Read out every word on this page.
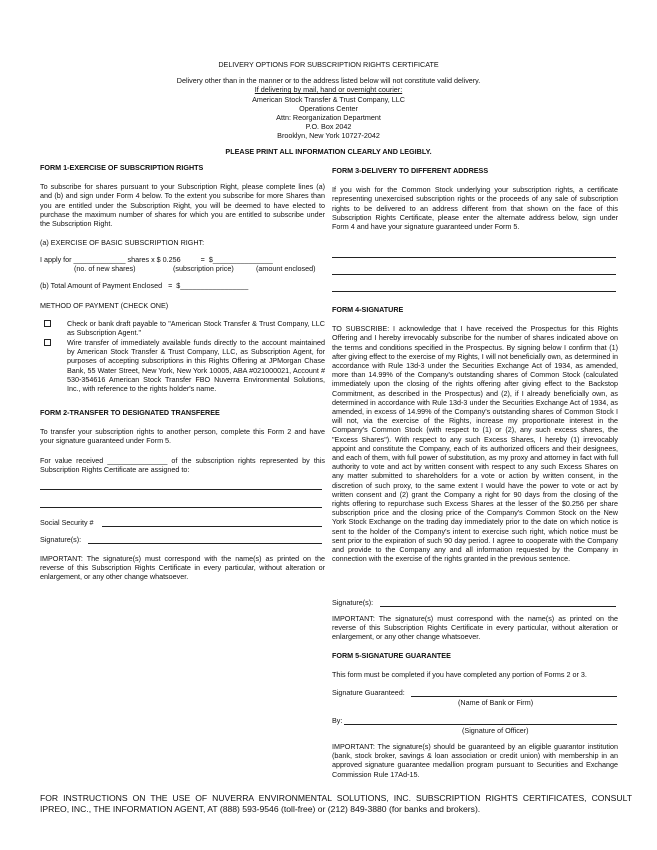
DELIVERY OPTIONS FOR SUBSCRIPTION RIGHTS CERTIFICATE
Delivery other than in the manner or to the address listed below will not constitute valid delivery.
If delivering by mail, hand or overnight courier:
American Stock Transfer & Trust Company, LLC
Operations Center
Attn: Reorganization Department
P.O. Box 2042
Brooklyn, New York 10727-2042
PLEASE PRINT ALL INFORMATION CLEARLY AND LEGIBLY.
FORM 1-EXERCISE OF SUBSCRIPTION RIGHTS

To subscribe for shares pursuant to your Subscription Right, please complete lines (a) and (b) and sign under Form 4 below. To the extent you subscribe for more Shares than you are entitled under the Subscription Right, you will be deemed to have elected to purchase the maximum number of shares for which you are entitled to subscribe under the Subscription Right.

(a) EXERCISE OF BASIC SUBSCRIPTION RIGHT:
I apply for _____________ shares x $ 0.256          =  $_______________
(no. of new shares)	(subscription price)	(amount enclosed)
(b) Total Amount of Payment Enclosed   =  $_________________
METHOD OF PAYMENT (CHECK ONE)
Check or bank draft payable to "American Stock Transfer & Trust Company, LLC as Subscription Agent."
Wire transfer of immediately available funds directly to the account maintained by American Stock Transfer & Trust Company, LLC, as Subscription Agent, for purposes of accepting subscriptions in this Rights Offering at JPMorgan Chase Bank, 55 Water Street, New York, New York 10005, ABA #021000021, Account # 530-354616 American Stock Transfer FBO Nuverra Environmental Solutions, Inc., with reference to the rights holder's name.
FORM 2-TRANSFER TO DESIGNATED TRANSFEREE

To transfer your subscription rights to another person, complete this Form 2 and have your signature guaranteed under Form 5.

For value received _______________ of the subscription rights represented by this Subscription Rights Certificate are assigned to:

Social Security #
Signature(s):
IMPORTANT: The signature(s) must correspond with the name(s) as printed on the reverse of this Subscription Rights Certificate in every particular, without alteration or enlargement, or any other change whatsoever.
FORM 3-DELIVERY TO DIFFERENT ADDRESS

If you wish for the Common Stock underlying your subscription rights, a certificate representing unexercised subscription rights or the proceeds of any sale of subscription rights to be delivered to an address different from that shown on the face of this Subscription Rights Certificate, please enter the alternate address below, sign under Form 4 and have your signature guaranteed under Form 5.

FORM 4-SIGNATURE

TO SUBSCRIBE: I acknowledge that I have received the Prospectus for this Rights Offering and I hereby irrevocably subscribe for the number of shares indicated above on the terms and conditions specified in the Prospectus. By signing below I confirm that (1) after giving effect to the exercise of my Rights, I will not beneficially own, as determined in accordance with Rule 13d-3 under the Securities Exchange Act of 1934, as amended, more than 14.99% of the Company's outstanding shares of Common Stock (calculated immediately upon the closing of the rights offering after giving effect to the Backstop Commitment, as described in the Prospectus) and (2), if I already beneficially own, as determined in accordance with Rule 13d-3 under the Securities Exchange Act of 1934, as amended, in excess of 14.99% of the Company's outstanding shares of Common Stock I will not, via the exercise of the Rights, increase my proportionate interest in the Company's Common Stock (with respect to (1) or (2), any such excess shares, the "Excess Shares"). With respect to any such Excess Shares, I hereby (1) irrevocably appoint and constitute the Company, each of its authorized officers and their designees, and each of them, with full power of substitution, as my proxy and attorney in fact with full authority to vote and act by written consent with respect to any such Excess Shares on any matter submitted to shareholders for a vote or action by written consent, in the discretion of such proxy, to the same extent I would have the power to vote or act by written consent and (2) grant the Company a right for 90 days from the closing of the rights offering to repurchase such Excess Shares at the lesser of the $0.256 per share subscription price and the closing price of the Company's Common Stock on the New York Stock Exchange on the trading day immediately prior to the date on which notice is sent to the holder of the Company's intent to exercise such right, which notice must be sent prior to the expiration of such 90 day period. I agree to cooperate with the Company and provide to the Company any and all information requested by the Company in connection with the exercise of the rights granted in the previous sentence.

Signature(s):
IMPORTANT: The signature(s) must correspond with the name(s) as printed on the reverse of this Subscription Rights Certificate in every particular, without alteration or enlargement, or any other change whatsoever.
FORM 5-SIGNATURE GUARANTEE

This form must be completed if you have completed any portion of Forms 2 or 3.

Signature Guaranteed:
(Name of Bank or Firm)
By:
(Signature of Officer)
IMPORTANT: The signature(s) should be guaranteed by an eligible guarantor institution (bank, stock broker, savings & loan association or credit union) with membership in an approved signature guarantee medallion program pursuant to Securities and Exchange Commission Rule 17Ad-15.
FOR INSTRUCTIONS ON THE USE OF NUVERRA ENVIRONMENTAL SOLUTIONS, INC. SUBSCRIPTION RIGHTS CERTIFICATES, CONSULT
IPREO, INC., THE INFORMATION AGENT, AT (888) 593-9546 (toll-free) or (212) 849-3880 (for banks and brokers).
